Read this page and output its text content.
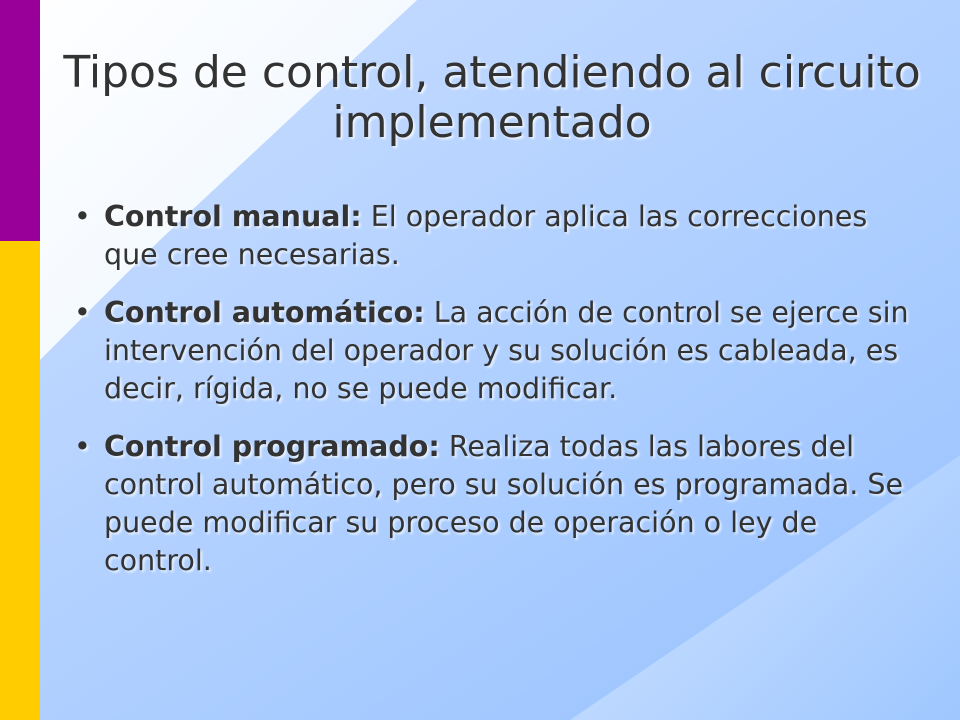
Tipos de control, atendiendo al circuito implementado
• Control manual: El operador aplica las correcciones que cree necesarias.
• Control automático: La acción de control se ejerce sin intervención del operador y su solución es cableada, es decir, rígida, no se puede modificar.
• Control programado: Realiza todas las labores del control automático, pero su solución es programada. Se puede modificar su proceso de operación o ley de control.
